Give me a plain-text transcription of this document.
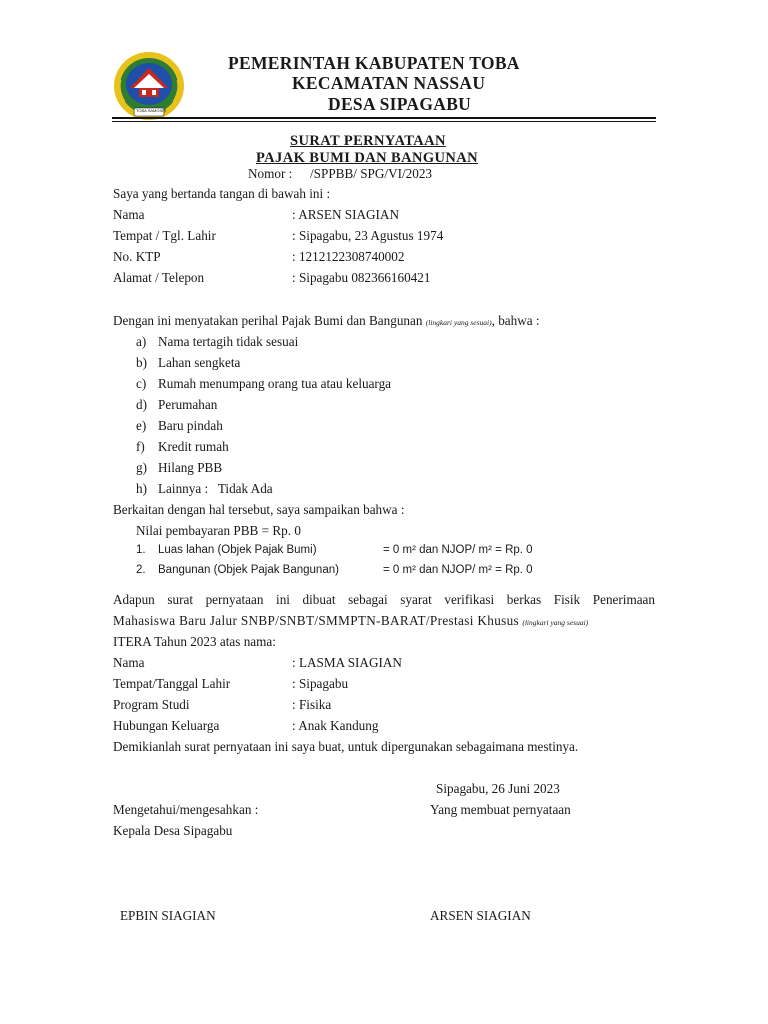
TOBA SAMOSIR
PEMERINTAH KABUPATEN TOBA
KECAMATAN NASSAU
DESA SIPAGABU
SURAT PERNYATAAN
PAJAK BUMI DAN BANGUNAN
Nomor : /SPPBB/ SPG/VI/2023
Saya yang bertanda tangan di bawah ini :
Nama	: ARSEN SIAGIAN
Tempat / Tgl. Lahir	: Sipagabu, 23 Agustus 1974
No. KTP	: 1212122308740002
Alamat / Telepon	: Sipagabu 082366160421
Dengan ini menyatakan perihal Pajak Bumi dan Bangunan (lingkari yang sesuai), bahwa :
a) Nama tertagih tidak sesuai
b) Lahan sengketa
c) Rumah menumpang orang tua atau keluarga
d) Perumahan
e) Baru pindah
f) Kredit rumah
g) Hilang PBB
h) Lainnya :   Tidak Ada
Berkaitan dengan hal tersebut, saya sampaikan bahwa :
Nilai pembayaran PBB = Rp. 0
1. Luas lahan (Objek Pajak Bumi)	= 0 m² dan NJOP/ m² = Rp. 0
2. Bangunan (Objek Pajak Bangunan)	= 0 m² dan NJOP/ m² = Rp. 0
Adapun surat pernyataan ini dibuat sebagai syarat verifikasi berkas Fisik Penerimaan
Mahasiswa Baru Jalur SNBP/SNBT/SMMPTN-BARAT/Prestasi Khusus (lingkari yang sesuai)
ITERA Tahun 2023 atas nama:
Nama	: LASMA SIAGIAN
Tempat/Tanggal Lahir	: Sipagabu
Program Studi	: Fisika
Hubungan Keluarga	: Anak Kandung
Demikianlah surat pernyataan ini saya buat, untuk dipergunakan sebagaimana mestinya.
Sipagabu, 26 Juni 2023
Mengetahui/mengesahkan :	Yang membuat pernyataan
Kepala Desa Sipagabu
EPBIN SIAGIAN	ARSEN SIAGIAN
